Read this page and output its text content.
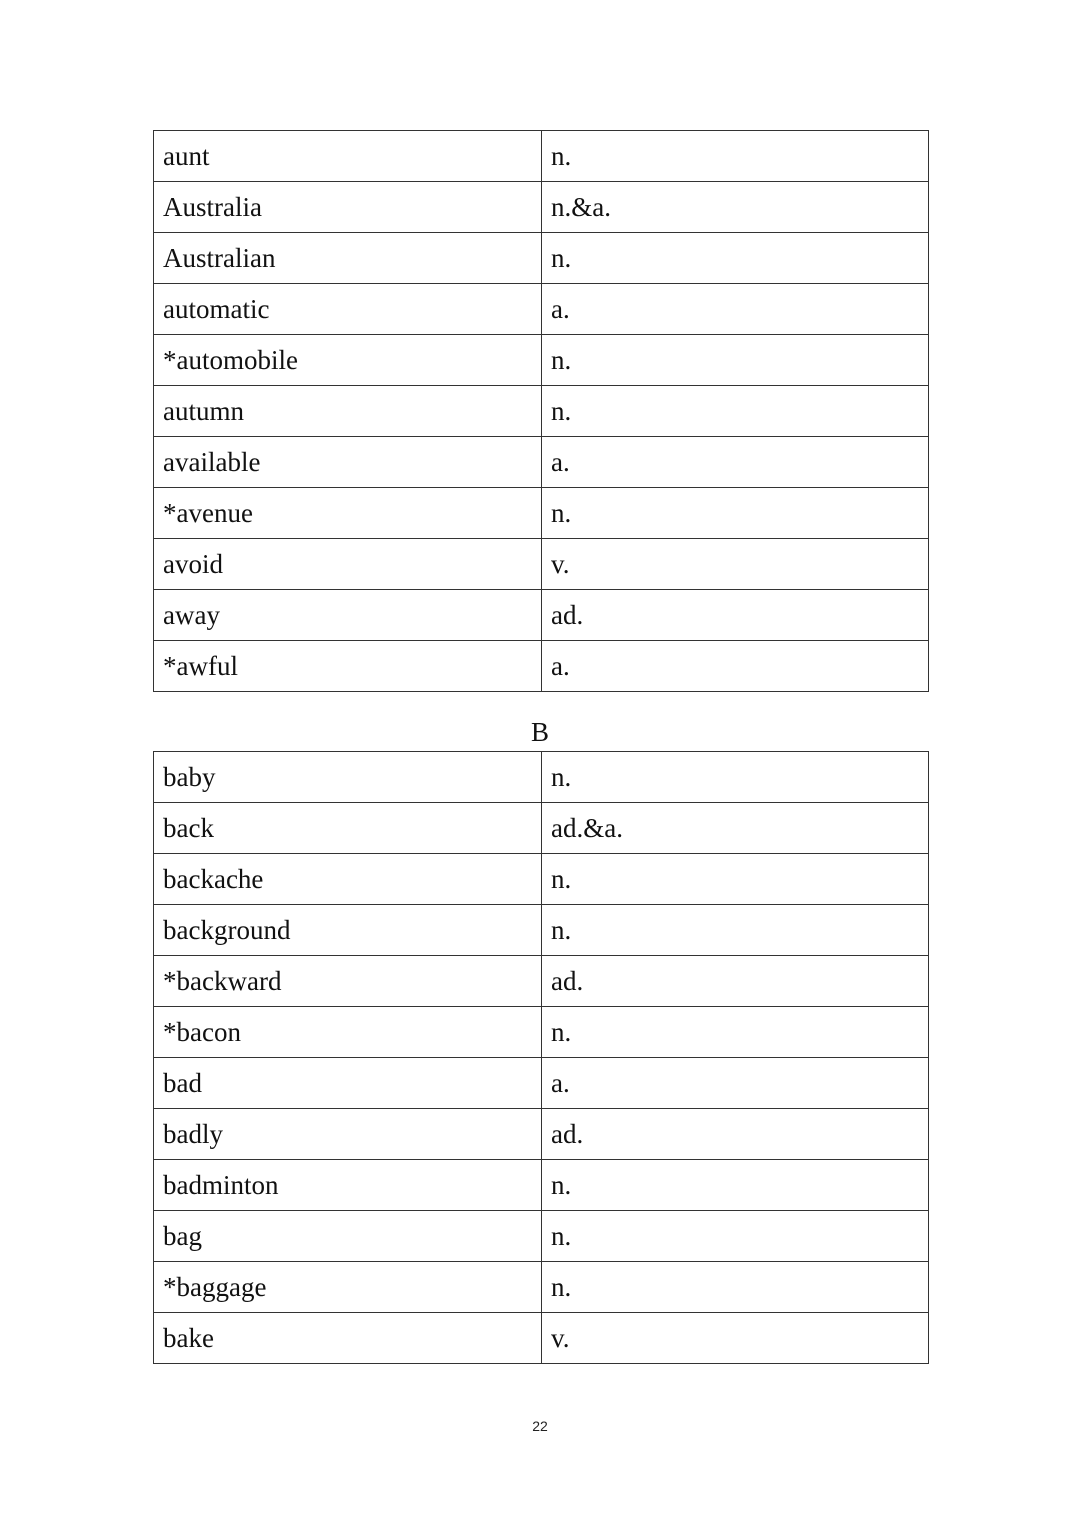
aunt	n.
Australia	n.&a.
Australian	n.
automatic	a.
*automobile	n.
autumn	n.
available	a.
*avenue	n.
avoid	v.
away	ad.
*awful	a.
B
baby	n.
back	ad.&a.
backache	n.
background	n.
*backward	ad.
*bacon	n.
bad	a.
badly	ad.
badminton	n.
bag	n.
*baggage	n.
bake	v.
22
